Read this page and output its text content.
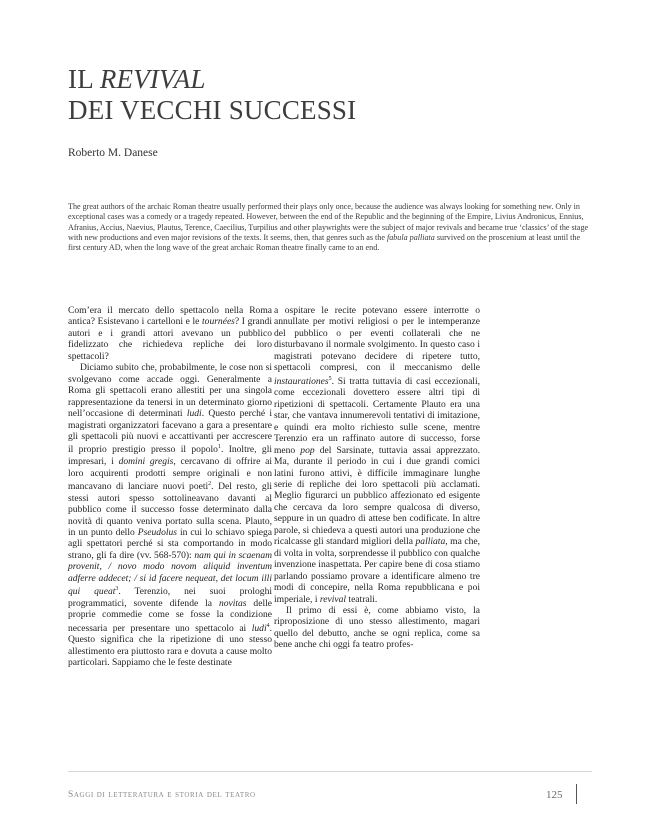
IL REVIVAL
DEI VECCHI SUCCESSI
Roberto M. Danese

The great authors of the archaic Roman theatre usually performed their plays only once, because the audience was always looking for something new. Only in exceptional cases was a comedy or a tragedy repeated. However, between the end of the Republic and the beginning of the Empire, Livius Andronicus, Ennius, Afranius, Accius, Naevius, Plautus, Terence, Caecilius, Turpilius and other playwrights were the subject of major revivals and became true ‘classics’ of the stage with new productions and even major revisions of the texts. It seems, then, that genres such as the fabula palliata survived on the proscenium at least until the first century AD, when the long wave of the great archaic Roman theatre finally came to an end.

Com’era il mercato dello spettacolo nella Roma antica? Esistevano i cartelloni e le tournées? I grandi autori e i grandi attori avevano un pubblico fidelizzato che richiedeva repliche dei loro spettacoli?

Diciamo subito che, probabilmente, le cose non si svolgevano come accade oggi. Generalmente a Roma gli spettacoli erano allestiti per una singola rappresentazione da tenersi in un determinato giorno nell’occasione di determinati ludi. Questo perché i magistrati organizzatori facevano a gara a presentare gli spettacoli più nuovi e accattivanti per accrescere il proprio prestigio presso il popolo$^1$. Inoltre, gli impresari, i domini gregis, cercavano di offrire ai loro acquirenti prodotti sempre originali e non mancavano di lanciare nuovi poeti$^2$. Del resto, gli stessi autori spesso sottolineavano davanti al pubblico come il successo fosse determinato dalla novità di quanto veniva portato sulla scena. Plauto, in un punto dello Pseudolus in cui lo schiavo spiega agli spettatori perché si sta comportando in modo strano, gli fa dire (vv. 568-570): nam qui in scaenam provenit, / novo modo novom aliquid inventum adferre addecet; / si id facere nequeat, det locum illi qui queat$^3$. Terenzio, nei suoi prologhi programmatici, sovente difende la novitas delle proprie commedie come se fosse la condizione necessaria per presentare uno spettacolo ai ludi$^4$. Questo significa che la ripetizione di uno stesso allestimento era piuttosto rara e dovuta a cause molto particolari. Sappiamo che le feste destinate

a ospitare le recite potevano essere interrotte o annullate per motivi religiosi o per le intemperanze del pubblico o per eventi collaterali che ne disturbavano il normale svolgimento. In questo caso i magistrati potevano decidere di ripetere tutto, spettacoli compresi, con il meccanismo delle instaurationes$^5$. Si tratta tuttavia di casi eccezionali, come eccezionali dovettero essere altri tipi di ripetizioni di spettacoli. Certamente Plauto era una star, che vantava innumerevoli tentativi di imitazione, e quindi era molto richiesto sulle scene, mentre Terenzio era un raffinato autore di successo, forse meno pop del Sarsinate, tuttavia assai apprezzato. Ma, durante il periodo in cui i due grandi comici latini furono attivi, è difficile immaginare lunghe serie di repliche dei loro spettacoli più acclamati. Meglio figurarci un pubblico affezionato ed esigente che cercava da loro sempre qualcosa di diverso, seppure in un quadro di attese ben codificate. In altre parole, si chiedeva a questi autori una produzione che ricalcasse gli standard migliori della palliata, ma che, di volta in volta, sorprendesse il pubblico con qualche invenzione inaspettata. Per capire bene di cosa stiamo parlando possiamo provare a identificare almeno tre modi di concepire, nella Roma repubblicana e poi imperiale, i revival teatrali.

Il primo di essi è, come abbiamo visto, la riproposizione di uno stesso allestimento, magari quello del debutto, anche se ogni replica, come sa bene anche chi oggi fa teatro profes-

Saggi di letteratura e storia del teatro	125
